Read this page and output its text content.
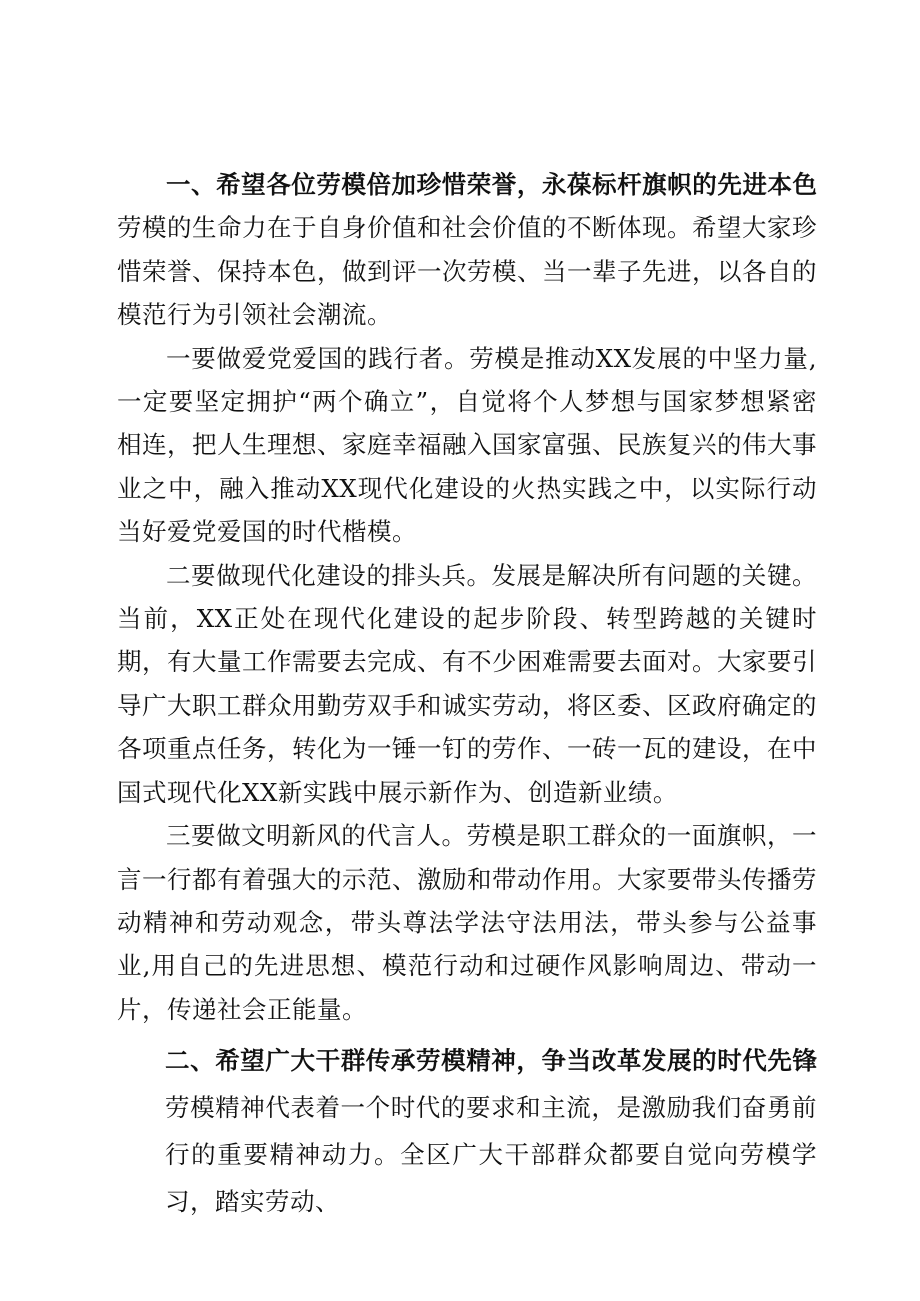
一、希望各位劳模倍加珍惜荣誉，永葆标杆旗帜的先进本色劳模的生命力在于自身价值和社会价值的不断体现。希望大家珍惜荣誉、保持本色，做到评一次劳模、当一辈子先进，以各自的模范行为引领社会潮流。

一要做爱党爱国的践行者。劳模是推动XX发展的中坚力量,一定要坚定拥护“两个确立”，自觉将个人梦想与国家梦想紧密相连，把人生理想、家庭幸福融入国家富强、民族复兴的伟大事业之中，融入推动XX现代化建设的火热实践之中，以实际行动当好爱党爱国的时代楷模。

二要做现代化建设的排头兵。发展是解决所有问题的关键。当前，XX正处在现代化建设的起步阶段、转型跨越的关键时期，有大量工作需要去完成、有不少困难需要去面对。大家要引导广大职工群众用勤劳双手和诚实劳动，将区委、区政府确定的各项重点任务，转化为一锤一钉的劳作、一砖一瓦的建设，在中国式现代化XX新实践中展示新作为、创造新业绩。

三要做文明新风的代言人。劳模是职工群众的一面旗帜，一言一行都有着强大的示范、激励和带动作用。大家要带头传播劳动精神和劳动观念，带头尊法学法守法用法，带头参与公益事业,用自己的先进思想、模范行动和过硬作风影响周边、带动一片，传递社会正能量。

二、希望广大干群传承劳模精神，争当改革发展的时代先锋劳模精神代表着一个时代的要求和主流，是激励我们奋勇前行的重要精神动力。全区广大干部群众都要自觉向劳模学习，踏实劳动、
